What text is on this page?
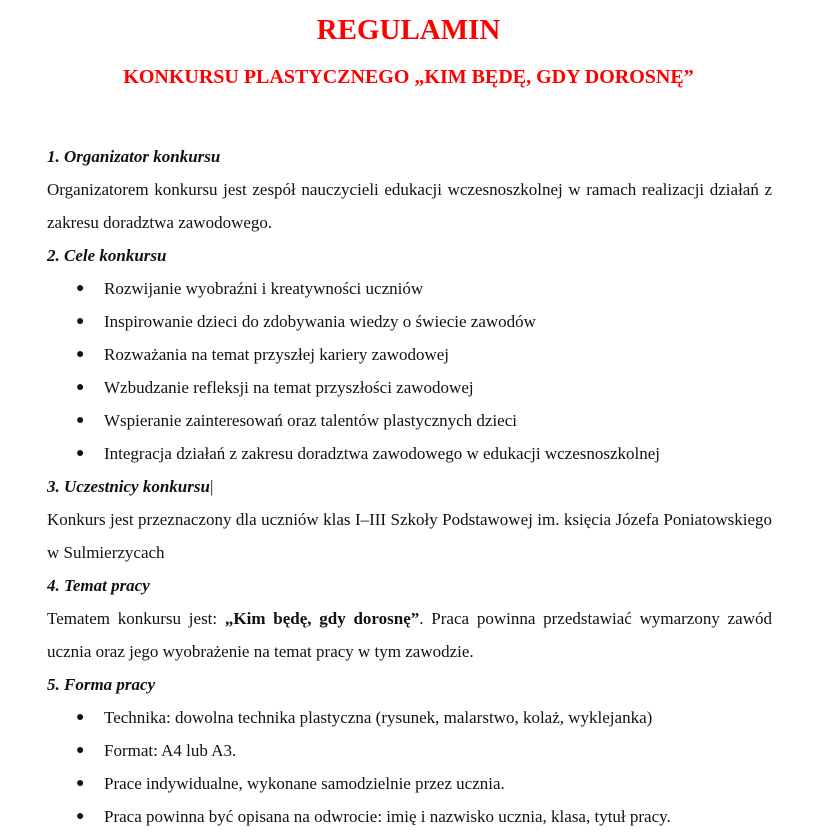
REGULAMIN
KONKURSU PLASTYCZNEGO „KIM BĘDĘ, GDY DOROSNĘ”

1. Organizator konkursu

Organizatorem konkursu jest zespół nauczycieli edukacji wczesnoszkolnej w ramach realizacji działań z zakresu doradztwa zawodowego.

2. Cele konkursu

● Rozwijanie wyobraźni i kreatywności uczniów
● Inspirowanie dzieci do zdobywania wiedzy o świecie zawodów
● Rozważania na temat przyszłej kariery zawodowej
● Wzbudzanie refleksji na temat przyszłości zawodowej
● Wspieranie zainteresowań oraz talentów plastycznych dzieci
● Integracja działań z zakresu doradztwa zawodowego w edukacji wczesnoszkolnej

3. Uczestnicy konkursu|

Konkurs jest przeznaczony dla uczniów klas I–III Szkoły Podstawowej im. księcia Józefa Poniatowskiego w Sulmierzycach

4. Temat pracy

Tematem konkursu jest: „Kim będę, gdy dorosnę”. Praca powinna przedstawiać wymarzony zawód ucznia oraz jego wyobrażenie na temat pracy w tym zawodzie.

5. Forma pracy

● Technika: dowolna technika plastyczna (rysunek, malarstwo, kolaż, wyklejanka)
● Format: A4 lub A3.
● Prace indywidualne, wykonane samodzielnie przez ucznia.
● Praca powinna być opisana na odwrocie: imię i nazwisko ucznia, klasa, tytuł pracy.
